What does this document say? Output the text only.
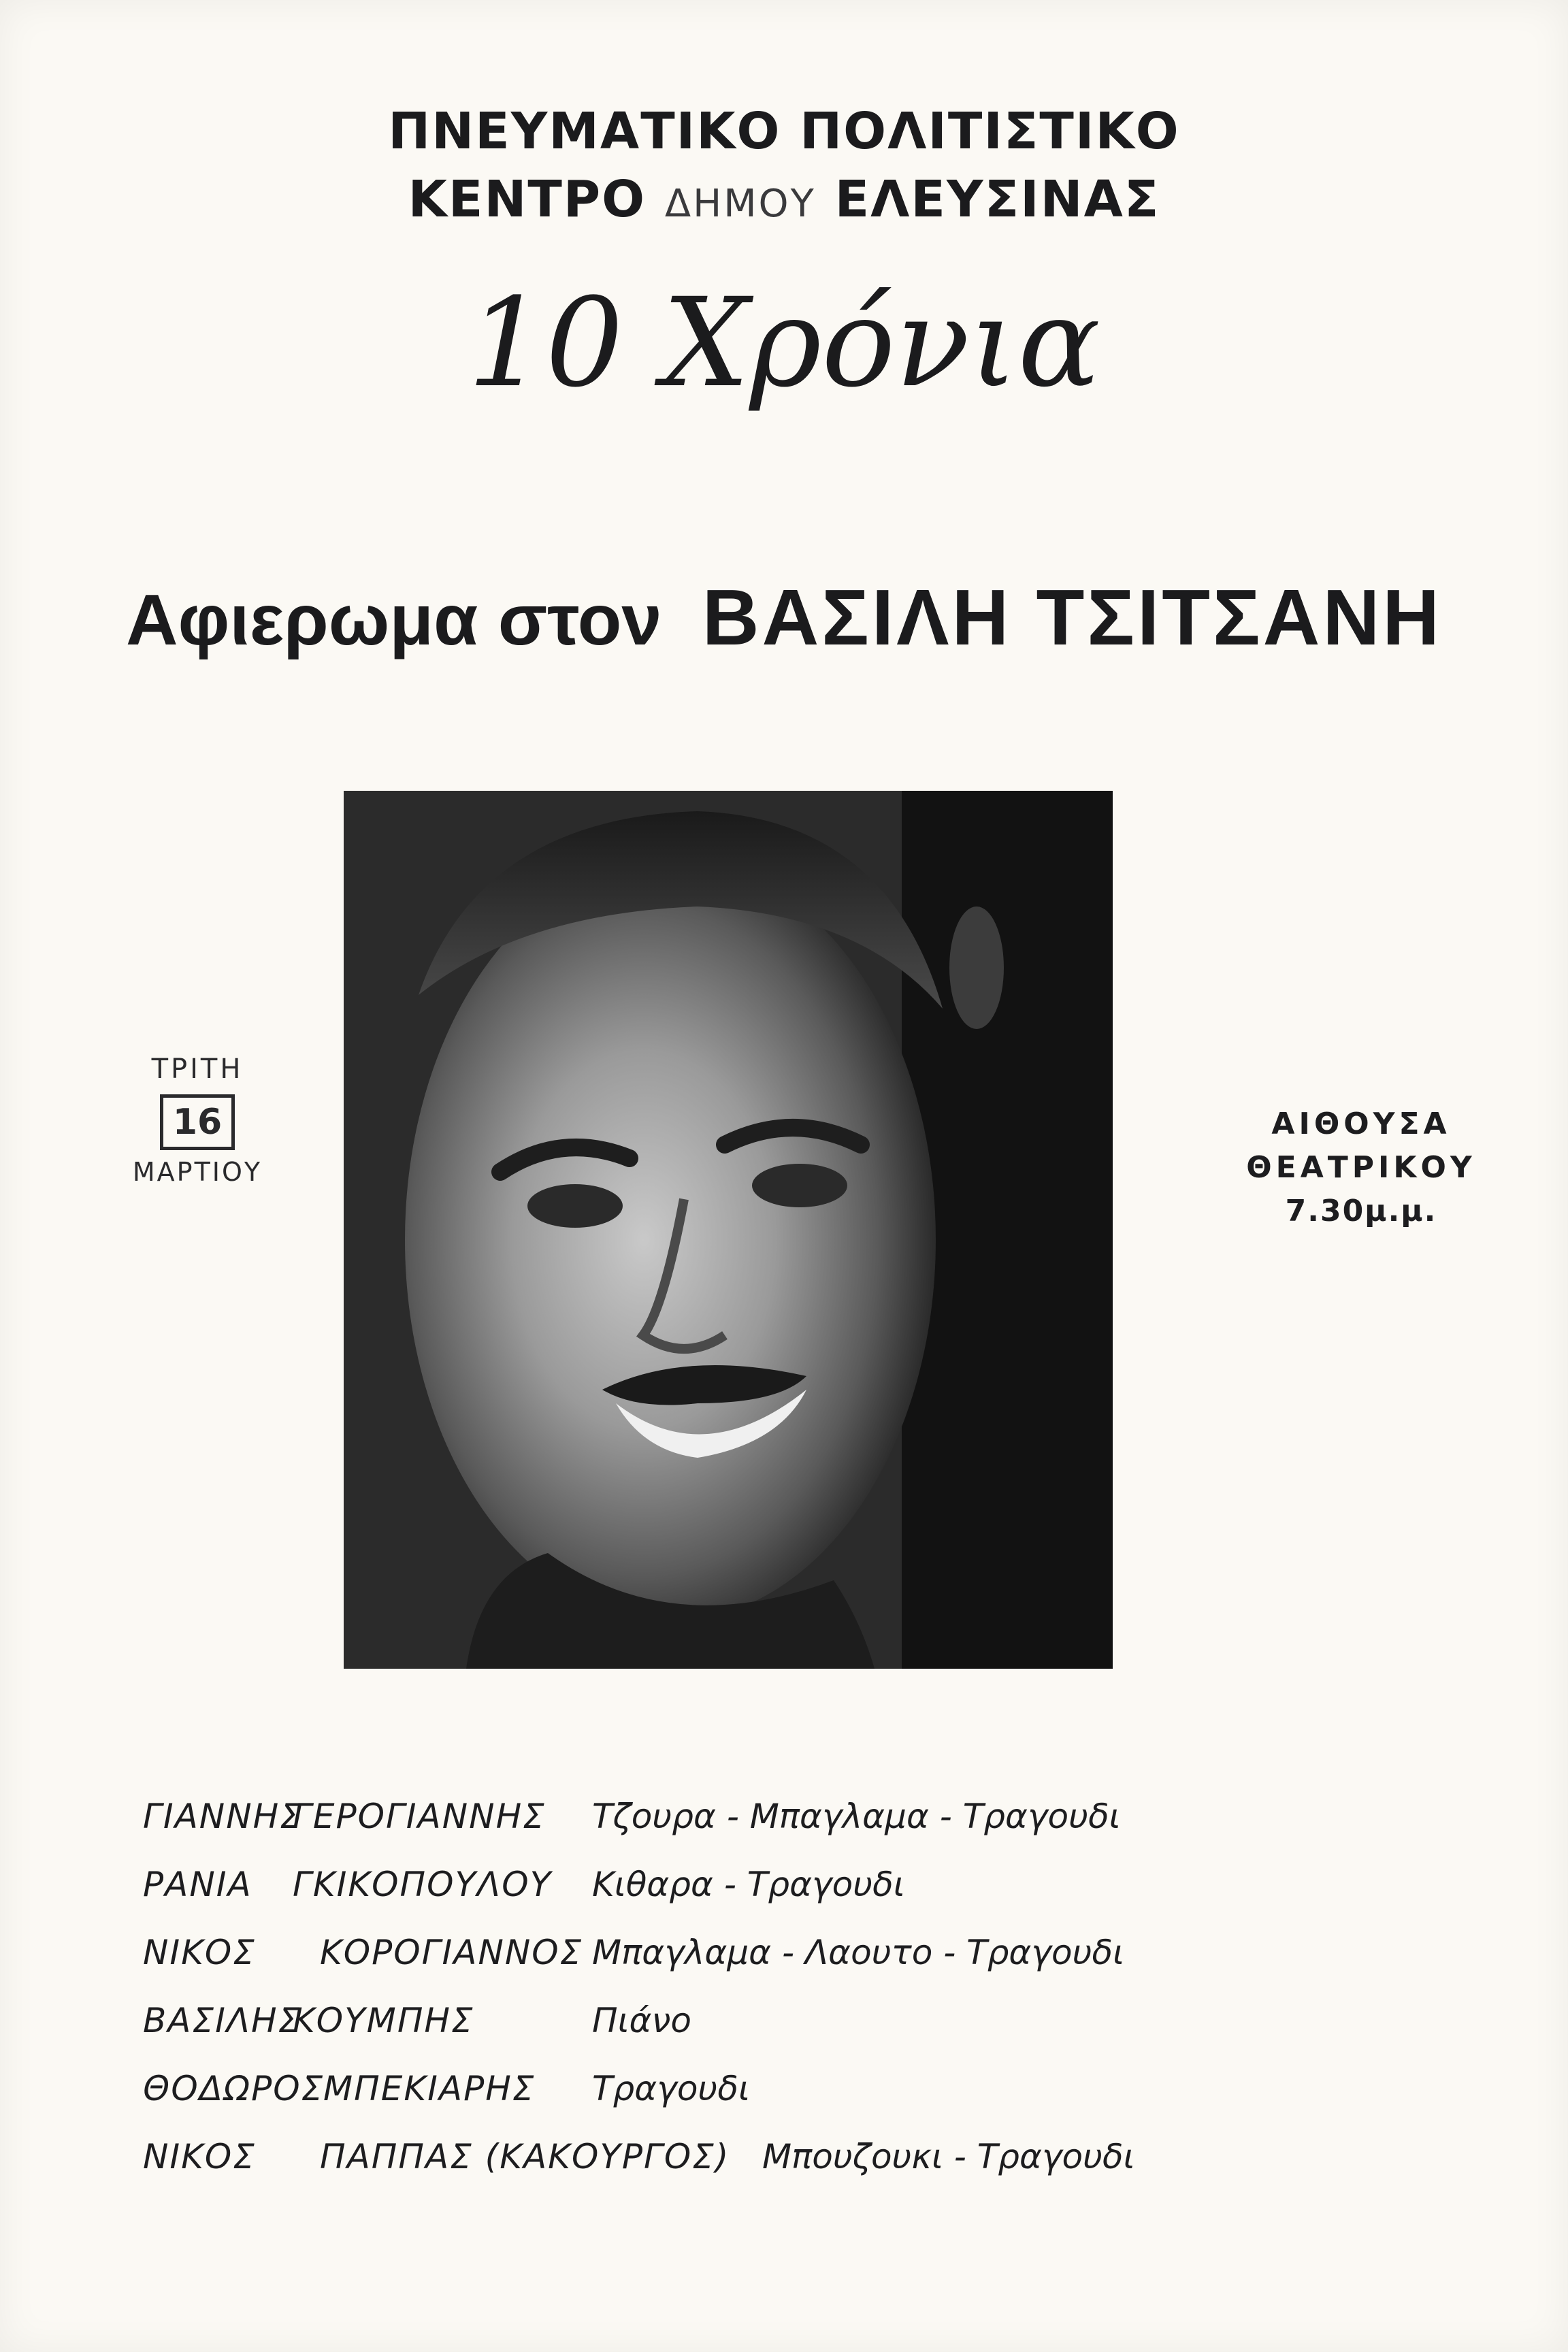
ΠΝΕΥΜΑΤΙΚΟ ΠΟΛΙΤΙΣΤΙΚΟ
ΚΕΝΤΡΟ ΔΗΜΟΥ ΕΛΕΥΣΙΝΑΣ
10 Χρόνια
Αφιερωμα στον ΒΑΣΙΛΗ ΤΣΙΤΣΑΝΗ
ΤΡΙΤΗ
16
ΜΑΡΤΙΟΥ
ΑΙΘΟΥΣΑ
ΘΕΑΤΡΙΚΟΥ
7.30μ.μ.
ΓΙΑΝΝΗΣ
ΓΕΡΟΓΙΑΝΝΗΣ Τζουρα - Μπαγλαμα - Τραγουδι
ΡΑΝΙΑ ΓΚΙΚΟΠΟΥΛΟΥ Κιθαρα - Τραγουδι
ΝΙΚΟΣ ΚΟΡΟΓΙΑΝΝΟΣ Μπαγλαμα - Λαουτο - Τραγουδι
ΒΑΣΙΛΗΣ
ΚΟΥΜΠΗΣ	Πιάνο
ΘΟΔΩΡΟΣ
ΜΠΕΚΙΑΡΗΣ Τραγουδι
ΝΙΚΟΣ ΠΑΠΠΑΣ (ΚΑΚΟΥΡΓΟΣ) Μπουζουκι - Τραγουδι
